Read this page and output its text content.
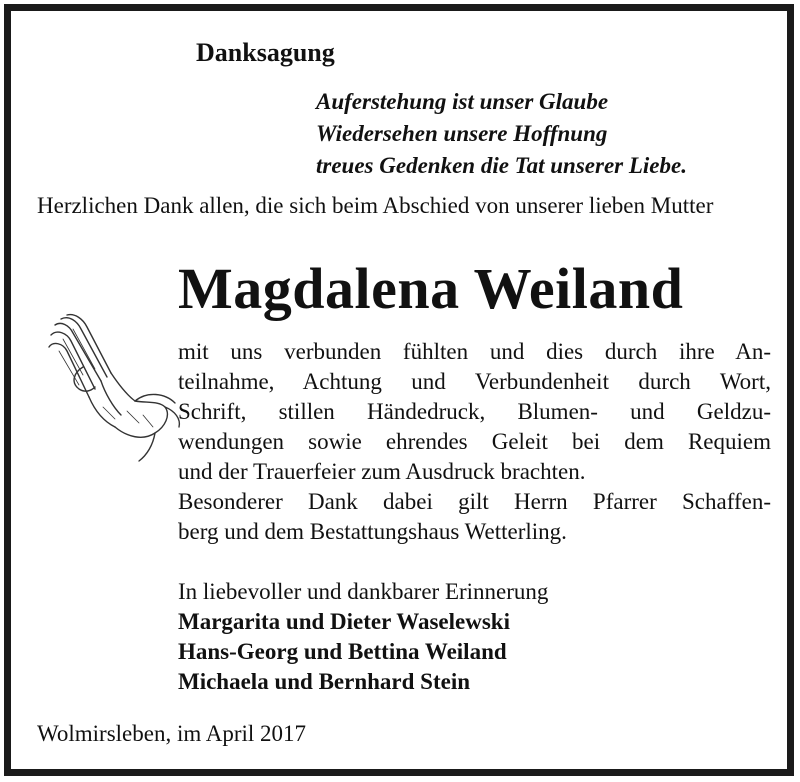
Danksagung
Auferstehung ist unser Glaube
Wiedersehen unsere Hoffnung
treues Gedenken die Tat unserer Liebe.
Herzlichen Dank allen, die sich beim Abschied von unserer lieben Mutter
Magdalena Weiland
mit uns verbunden fühlten und dies durch ihre An-
teilnahme, Achtung und Verbundenheit durch Wort,
Schrift, stillen Händedruck, Blumen- und Geldzu-
wendungen sowie ehrendes Geleit bei dem Requiem
und der Trauerfeier zum Ausdruck brachten.
Besonderer Dank dabei gilt Herrn Pfarrer Schaffen-
berg und dem Bestattungshaus Wetterling.
In liebevoller und dankbarer Erinnerung
Margarita und Dieter Waselewski
Hans-Georg und Bettina Weiland
Michaela und Bernhard Stein
Wolmirsleben, im April 2017
